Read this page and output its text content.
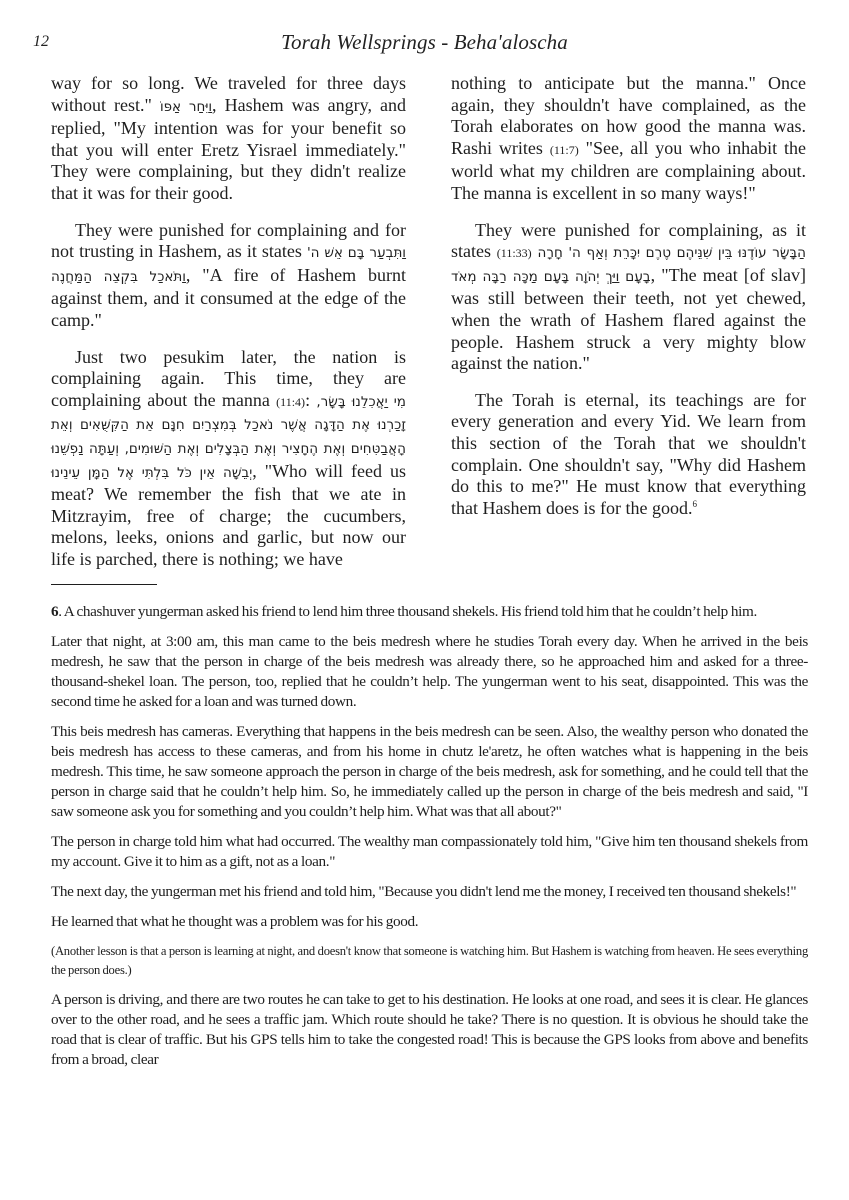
12	Torah Wellsprings - Beha'aloscha

way for so long. We traveled for three days without rest." וַיִּחַר אַפּוֹ, Hashem was angry, and replied, "My intention was for your benefit so that you will enter Eretz Yisrael immediately." They were complaining, but they didn't realize that it was for their good.

They were punished for complaining and for not trusting in Hashem, as it states וַתִּבְעַר בָּם אֵשׁ ה' וַתֹּאכַל בִּקְצֵה הַמַּחֲנֶה, "A fire of Hashem burnt against them, and it consumed at the edge of the camp."

Just two pesukim later, the nation is complaining again. This time, they are complaining about the manna (11:4): מִי יַאֲכִלֵנוּ בָּשָׂר, זָכַרְנוּ אֶת הַדָּגָה אֲשֶׁר נֹאכַל בְּמִצְרַיִם חִנָּם אֵת הַקִּשֻּׁאִים וְאֵת הָאֲבַטִּחִים וְאֶת הֶחָצִיר וְאֶת הַבְּצָלִים וְאֶת הַשּׁוּמִים, וְעַתָּה נַפְשֵׁנוּ יְבֵשָׁה אֵין כֹּל בִּלְתִּי אֶל הַמָּן עֵינֵינוּ, "Who will feed us meat? We remember the fish that we ate in Mitzrayim, free of charge; the cucumbers, melons, leeks, onions and garlic, but now our life is parched, there is nothing; we have

nothing to anticipate but the manna." Once again, they shouldn't have complained, as the Torah elaborates on how good the manna was. Rashi writes (11:7) "See, all you who inhabit the world what my children are complaining about. The manna is excellent in so many ways!"

They were punished for complaining, as it states (11:33) הַבָּשָׂר עוֹדֶנּוּ בֵּין שִׁנֵּיהֶם טֶרֶם יִכָּרֵת וְאַף ה' חָרָה בָעָם וַיַּךְ יְהֹוָה בָּעָם מַכָּה רַבָּה מְאֹד, "The meat [of slav] was still between their teeth, not yet chewed, when the wrath of Hashem flared against the people. Hashem struck a very mighty blow against the nation."

The Torah is eternal, its teachings are for every generation and every Yid. We learn from this section of the Torah that we shouldn't complain. One shouldn't say, "Why did Hashem do this to me?" He must know that everything that Hashem does is for the good.$^6$

6. A chashuver yungerman asked his friend to lend him three thousand shekels. His friend told him that he couldn’t help him.

Later that night, at 3:00 am, this man came to the beis medresh where he studies Torah every day. When he arrived in the beis medresh, he saw that the person in charge of the beis medresh was already there, so he approached him and asked for a three-thousand-shekel loan. The person, too, replied that he couldn’t help. The yungerman went to his seat, disappointed. This was the second time he asked for a loan and was turned down.

This beis medresh has cameras. Everything that happens in the beis medresh can be seen. Also, the wealthy person who donated the beis medresh has access to these cameras, and from his home in chutz le'aretz, he often watches what is happening in the beis medresh. This time, he saw someone approach the person in charge of the beis medresh, ask for something, and he could tell that the person in charge said that he couldn’t help him. So, he immediately called up the person in charge of the beis medresh and said, "I saw someone ask you for something and you couldn’t help him. What was that all about?"

The person in charge told him what had occurred. The wealthy man compassionately told him, "Give him ten thousand shekels from my account. Give it to him as a gift, not as a loan."

The next day, the yungerman met his friend and told him, "Because you didn't lend me the money, I received ten thousand shekels!"

He learned that what he thought was a problem was for his good.

(Another lesson is that a person is learning at night, and doesn't know that someone is watching him. But Hashem is watching from heaven. He sees everything the person does.)

A person is driving, and there are two routes he can take to get to his destination. He looks at one road, and sees it is clear. He glances over to the other road, and he sees a traffic jam. Which route should he take? There is no question. It is obvious he should take the road that is clear of traffic. But his GPS tells him to take the congested road! This is because the GPS looks from above and benefits from a broad, clear
